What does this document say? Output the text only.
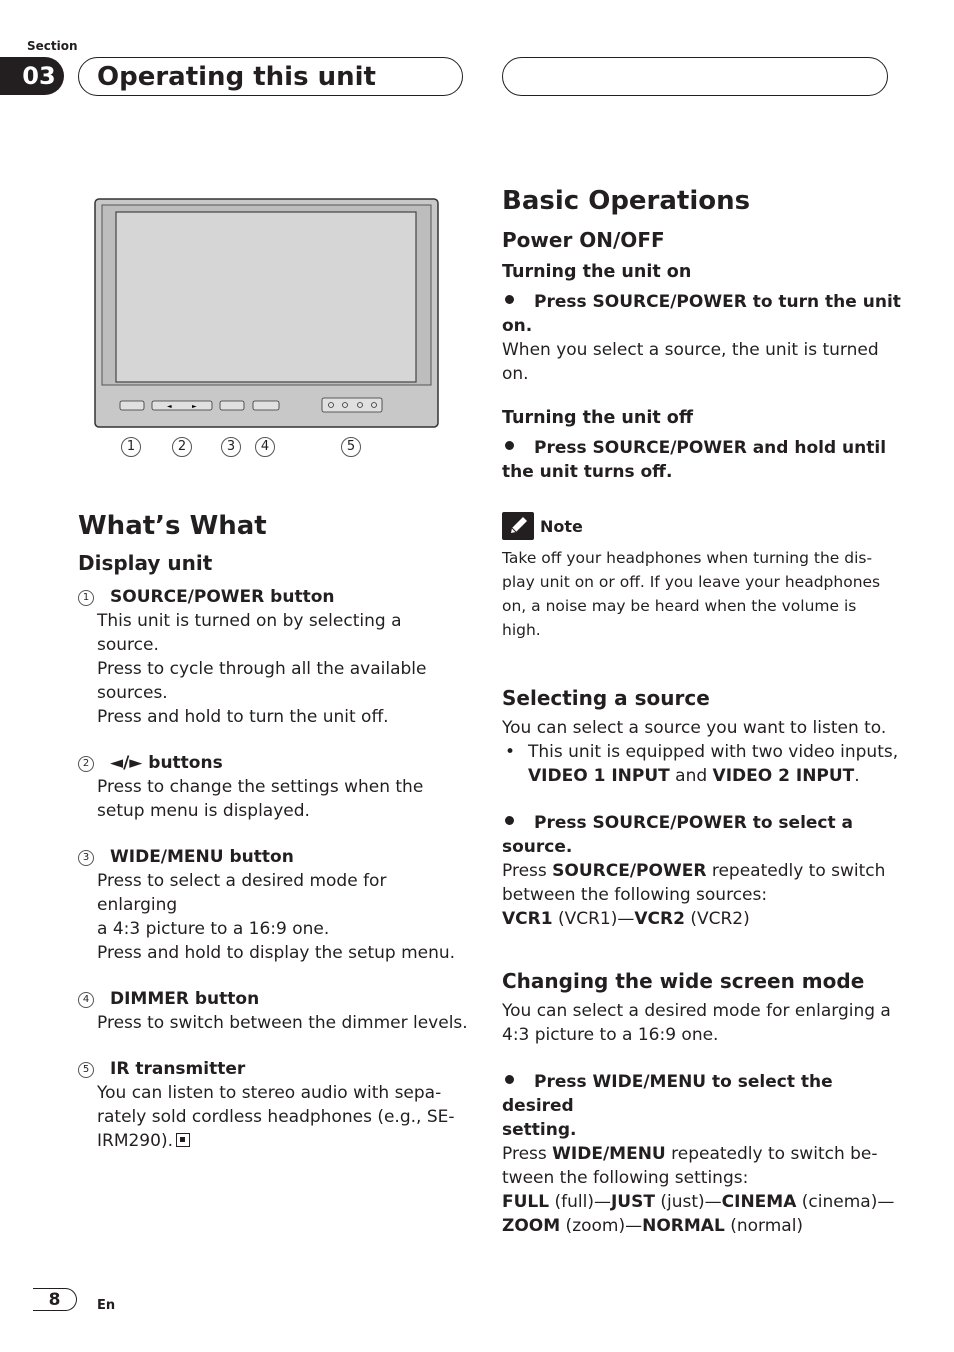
Section
03	Operating this unit
◄	►
1	2	3	4	5
What’s What
Display unit
1 SOURCE/POWER button
This unit is turned on by selecting a source.
Press to cycle through all the available
sources.
Press and hold to turn the unit off.
2 ◄/► buttons
Press to change the settings when the
setup menu is displayed.
3 WIDE/MENU button
Press to select a desired mode for enlarging
a 4:3 picture to a 16:9 one.
Press and hold to display the setup menu.
4 DIMMER button
Press to switch between the dimmer levels.
5 IR transmitter
You can listen to stereo audio with sepa-
rately sold cordless headphones (e.g., SE-
IRM290).
Basic Operations
Power ON/OFF
Turning the unit on
Press SOURCE/POWER to turn the unit
on.
When you select a source, the unit is turned
on.
Turning the unit off
Press SOURCE/POWER and hold until
the unit turns off.
Note
Take off your headphones when turning the dis-
play unit on or off. If you leave your headphones
on, a noise may be heard when the volume is
high.
Selecting a source
You can select a source you want to listen to.
• This unit is equipped with two video inputs,
VIDEO 1 INPUT and VIDEO 2 INPUT.
Press SOURCE/POWER to select a
source.
Press SOURCE/POWER repeatedly to switch
between the following sources:
VCR1 (VCR1)—VCR2 (VCR2)
Changing the wide screen mode
You can select a desired mode for enlarging a
4:3 picture to a 16:9 one.
Press WIDE/MENU to select the desired
setting.
Press WIDE/MENU repeatedly to switch be-
tween the following settings:
FULL (full)—JUST (just)—CINEMA (cinema)—
ZOOM (zoom)—NORMAL (normal)
8	En
